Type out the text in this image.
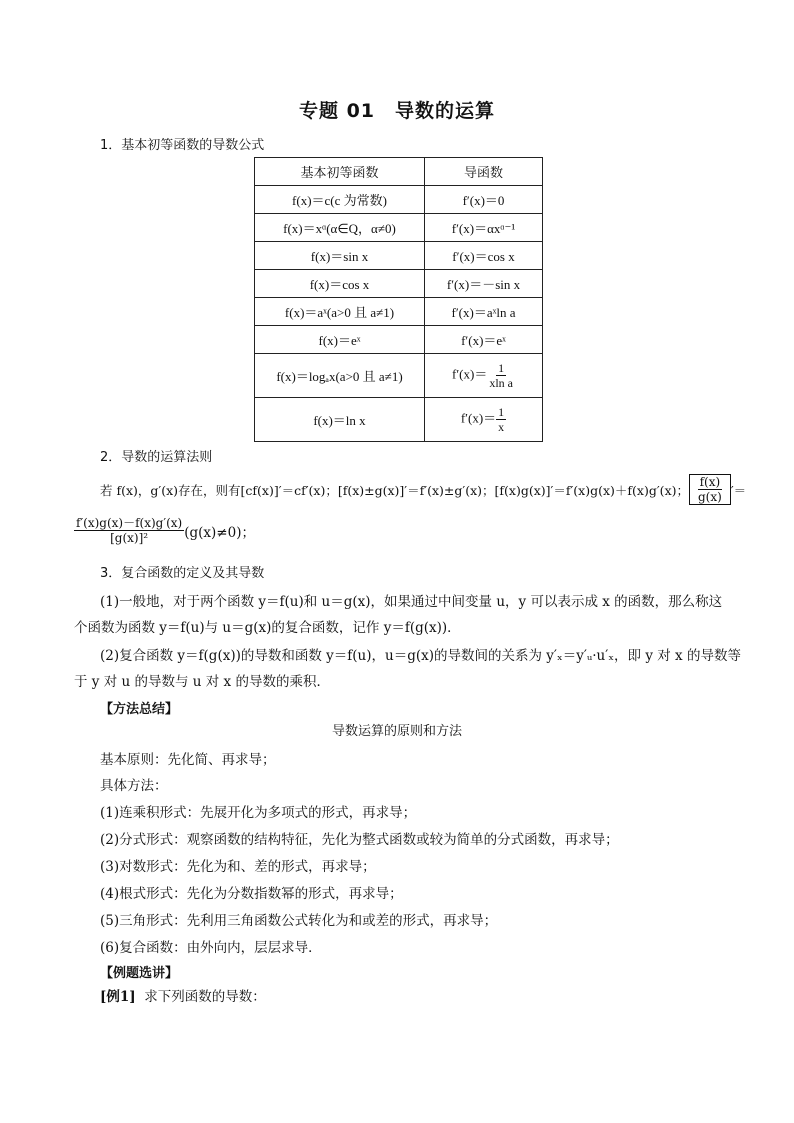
专题 01　导数的运算
1．基本初等函数的导数公式
基本初等函数	导函数
f(x)＝c(c 为常数)	f′(x)＝0
f(x)＝xᵅ(α∈Q，α≠0)	f′(x)＝αxᵅ⁻¹
f(x)＝sin x	f′(x)＝cos x
f(x)＝cos x	f′(x)＝－sin x
f(x)＝aˣ(a>0 且 a≠1)	f′(x)＝aˣln a
f(x)＝eˣ	f′(x)＝eˣ
f(x)＝logₐx(a>0 且 a≠1)	$f'(x)= \frac{1}{\text{xln a}}$

f(x)＝ln x	$f'(x)= \frac{1}{x}$
2．导数的运算法则
若 f(x)，g′(x)存在，则有[cf(x)]′＝cf′(x)；[f(x)±g(x)]′＝f′(x)±g′(x)；[f(x)g(x)]′＝f′(x)g(x)＋f(x)g′(x)； $\frac{f(x)}{g(x)}$ ′＝
$\frac{f'(x)g(x)-f(x)g'(x)}{\text{[g(x)]²}} (g(x)\ne 0)$；
3．复合函数的定义及其导数
(1)一般地，对于两个函数 y＝f(u)和 u＝g(x)，如果通过中间变量 u，y 可以表示成 x 的函数，那么称这
个函数为函数 y＝f(u)与 u＝g(x)的复合函数，记作 y＝f(g(x))．
(2)复合函数 y＝f(g(x))的导数和函数 y＝f(u)，u＝g(x)的导数间的关系为 y′ₓ＝y′ᵤ·u′ₓ，即 y 对 x 的导数等
于 y 对 u 的导数与 u 对 x 的导数的乘积．
【方法总结】
导数运算的原则和方法
基本原则：先化简、再求导；
具体方法：
(1)连乘积形式：先展开化为多项式的形式，再求导；
(2)分式形式：观察函数的结构特征，先化为整式函数或较为简单的分式函数，再求导；
(3)对数形式：先化为和、差的形式，再求导；
(4)根式形式：先化为分数指数幂的形式，再求导；
(5)三角形式：先利用三角函数公式转化为和或差的形式，再求导；
(6)复合函数：由外向内，层层求导．
【例题选讲】
[例1] 求下列函数的导数：
